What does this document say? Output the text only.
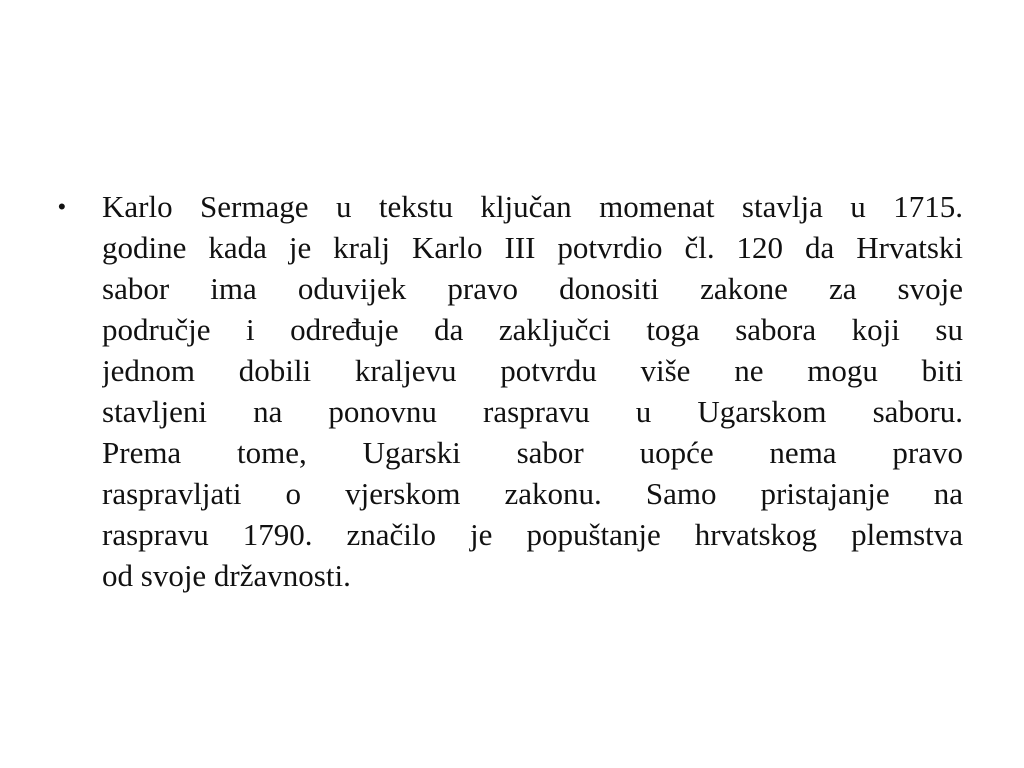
•	Karlo Sermage u tekstu ključan momenat stavlja u 1715.
godine kada je kralj Karlo III potvrdio čl. 120 da Hrvatski
sabor ima oduvijek pravo donositi zakone za svoje
područje i određuje da zaključci toga sabora koji su
jednom dobili kraljevu potvrdu više ne mogu biti
stavljeni na ponovnu raspravu u Ugarskom saboru.
Prema tome, Ugarski sabor uopće nema pravo
raspravljati o vjerskom zakonu. Samo pristajanje na
raspravu 1790. značilo je popuštanje hrvatskog plemstva
od svoje državnosti.
